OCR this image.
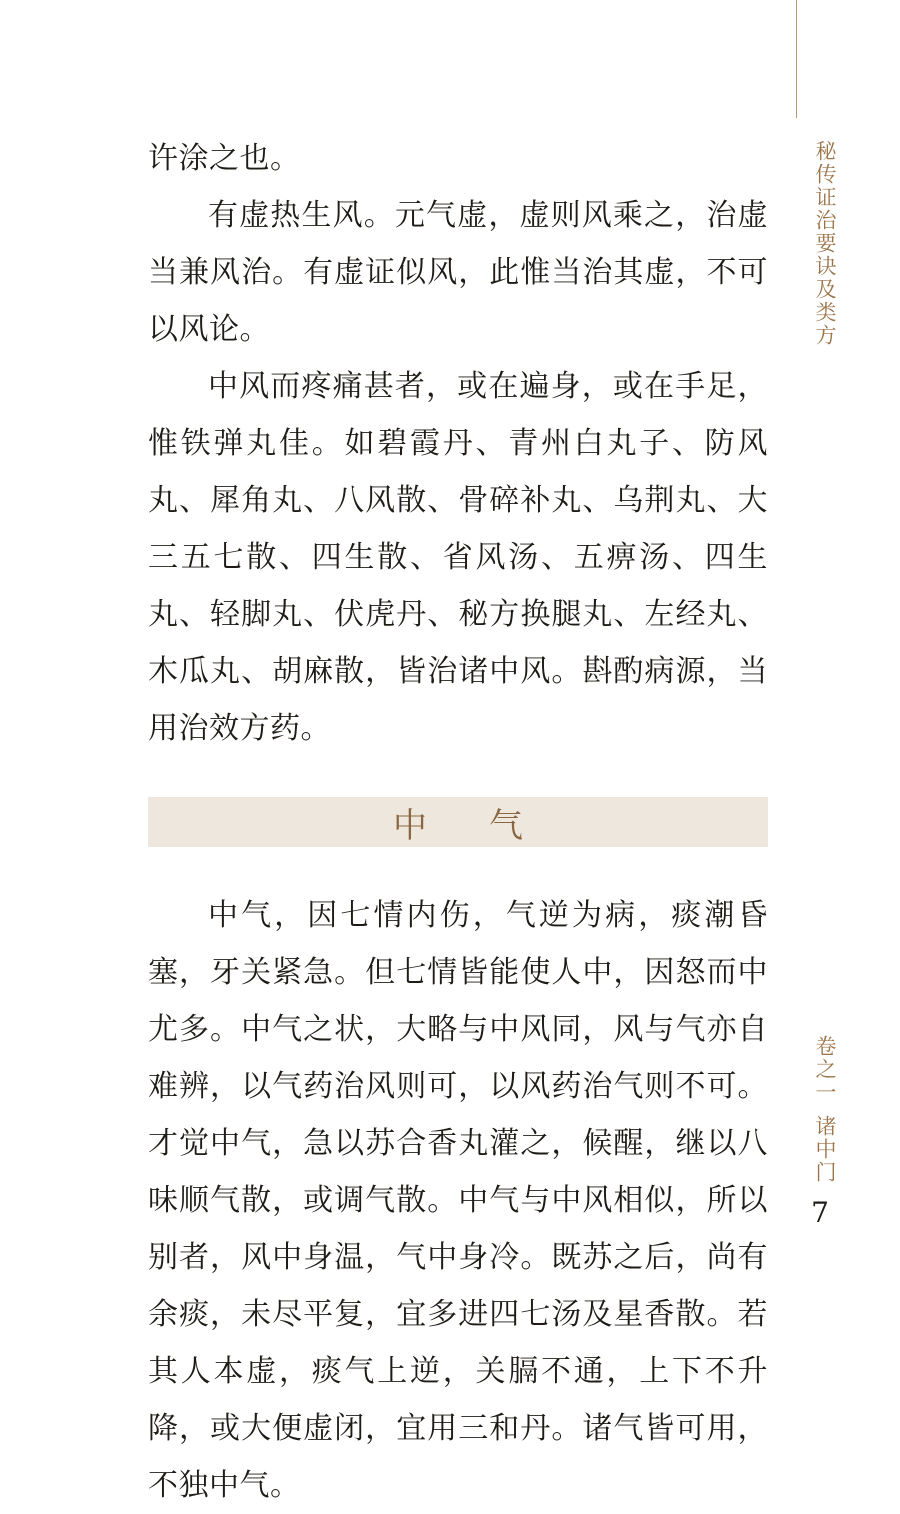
许涂之也。

有虚热生风。元气虚，虚则风乘之，治虚当兼风治。有虚证似风，此惟当治其虚，不可以风论。

中风而疼痛甚者，或在遍身，或在手足，惟铁弹丸佳。如碧霞丹、青州白丸子、防风丸、犀角丸、八风散、骨碎补丸、乌荆丸、大三五七散、四生散、省风汤、五痹汤、四生丸、轻脚丸、伏虎丹、秘方换腿丸、左经丸、木瓜丸、胡麻散，皆治诸中风。斟酌病源，当用治效方药。

中气

中气，因七情内伤，气逆为病，痰潮昏塞，牙关紧急。但七情皆能使人中，因怒而中尤多。中气之状，大略与中风同，风与气亦自难辨，以气药治风则可，以风药治气则不可。才觉中气，急以苏合香丸灌之，候醒，继以八味顺气散，或调气散。中气与中风相似，所以别者，风中身温，气中身冷。既苏之后，尚有余痰，未尽平复，宜多进四七汤及星香散。若其人本虚，痰气上逆，关膈不通，上下不升降，或大便虚闭，宜用三和丹。诸气皆可用，不独中气。

秘传证治要诀及类方
卷之一
诸中门
7
